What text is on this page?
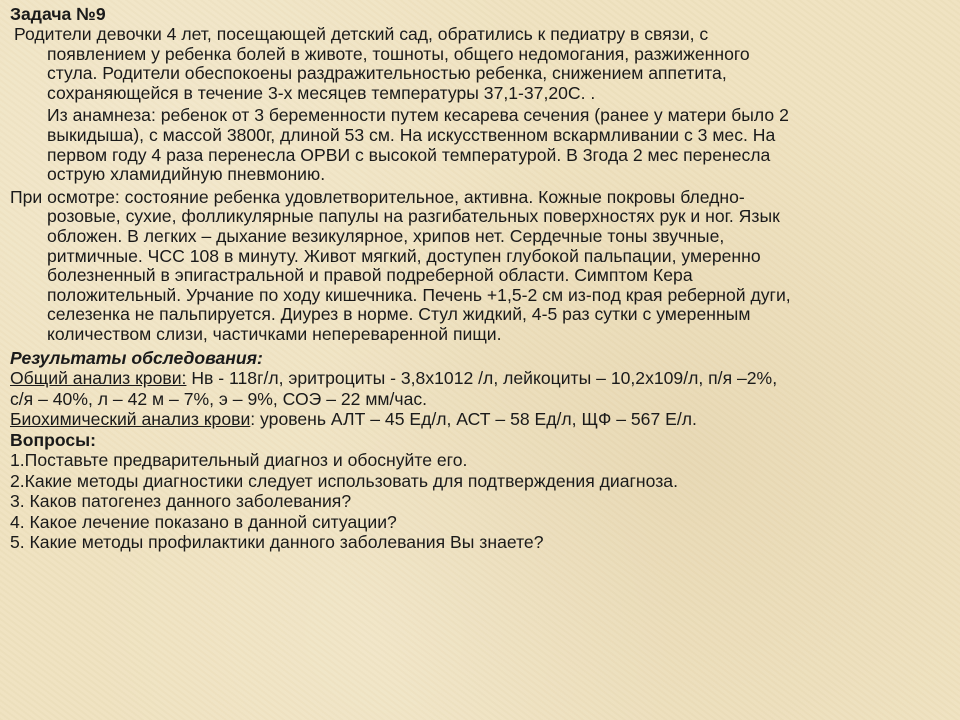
Задача №9
Родители девочки 4 лет, посещающей детский сад, обратились к педиатру в связи, с
появлением у ребенка болей в животе, тошноты, общего недомогания, разжиженного
стула. Родители обеспокоены раздражительностью ребенка, снижением аппетита,
сохраняющейся в течение 3-х месяцев температуры 37,1-37,20С. .
Из анамнеза: ребенок от 3 беременности путем кесарева сечения (ранее у матери было 2
выкидыша), с массой 3800г, длиной 53 см. На искусственном вскармливании с 3 мес. На
первом году 4 раза перенесла ОРВИ с высокой температурой. В 3года 2 мес перенесла
острую хламидийную пневмонию.
При осмотре: состояние ребенка удовлетворительное, активна. Кожные покровы бледно-
розовые, сухие, фолликулярные папулы на разгибательных поверхностях рук и ног. Язык
обложен. В легких – дыхание везикулярное, хрипов нет. Сердечные тоны звучные,
ритмичные. ЧСС 108 в минуту. Живот мягкий, доступен глубокой пальпации, умеренно
болезненный в эпигастральной и правой подреберной области. Симптом Кера
положительный. Урчание по ходу кишечника. Печень +1,5-2 см из-под края реберной дуги,
селезенка не пальпируется. Диурез в норме. Стул жидкий, 4-5 раз сутки с умеренным
количеством слизи, частичками непереваренной пищи.
Результаты обследования:
Общий анализ крови: Нв - 118г/л, эритроциты - 3,8х1012 /л, лейкоциты – 10,2х109/л, п/я –2%,
с/я – 40%, л – 42 м – 7%, э – 9%, СОЭ – 22 мм/час.
Биохимический анализ крови: уровень АЛТ – 45 Ед/л, АСТ – 58 Ед/л, ЩФ – 567 Е/л.
Вопросы:
1.Поставьте предварительный диагноз и обоснуйте его.
2.Какие методы диагностики следует использовать для подтверждения диагноза.
3. Каков патогенез данного заболевания?
4. Какое лечение показано в данной ситуации?
5. Какие методы профилактики данного заболевания Вы знаете?
